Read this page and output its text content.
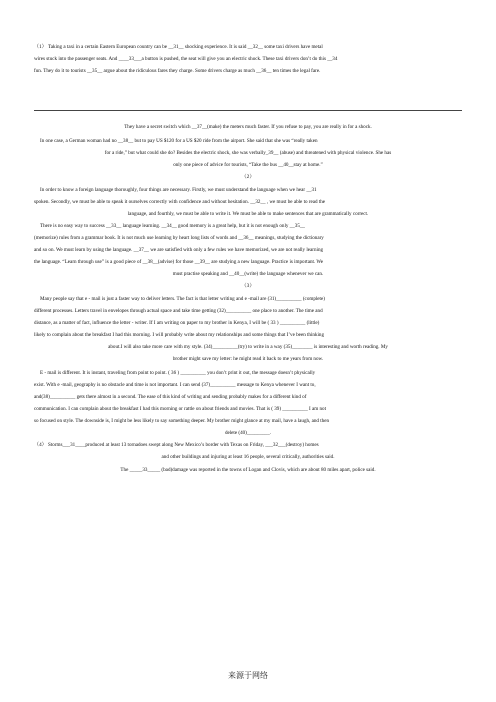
（1） Taking a taxi in a certain Eastern European country can be __31__ shocking experience. It is said __32__ some taxi drivers have metal
wires stuck into the passenger seats. And ____33___a button is pushed, the seat will give you an electric shock. These taxi drivers don’t do this __34
fun. They do it to tourists __35__ argue about the ridiculous fares they charge. Some drivers charge as much __36__ ten times the legal fare.
They have a secret switch which __37__(make) the meters much faster. If you refuse to pay, you are really in for a shock.
In one case, a German woman had no __38__ but to pay US $120 for a US $20 ride from the airport. She said that she was “really taken
for a ride,” but what could she do? Besides the electric shock, she was verbally_39__ (abuse) and threatened with physical violence. She has
only one piece of advice for tourists, “Take the bus __40__stay at home.”
（2）
In order to know a foreign language thoroughly, four things are necessary. Firstly, we must understand the language when we hear __31
spoken. Secondly, we must be able to speak it ourselves correctly with confidence and without hesitation. __32__ , we must be able to read the
language, and fourthly, we must be able to write it. We must be able to make sentences that are grammatically correct.
There is no easy way to success __33__ language learning. __34__ good memory is a great help, but it is not enough only __35__
(memorize) rules from a grammar book. It is not much use learning by heart long lists of words and __36__ meanings, studying the dictionary
and so on. We must learn by using the language. __37__ we are satisfied with only a few rules we have memorized, we are not really learning
the language. “Learn through use” is a good piece of __38__(advise) for those __39__ are studying a new language. Practice is important. We
must practise speaking and __40__(write) the language whenever we can.
（3）
Many people say that e - mail is just a faster way to deliver letters. The fact is that letter writing and e -mail are (31)__________ (complete)
different processes. Letters travel in envelopes through actual space and take time getting (32)__________ one place to another. The time and
distance, as a matter of fact, influence the letter - writer. If I am writing on paper to my brother in Kenya, I will be ( 33 ) __________ (little)
likely to complain about the breakfast I had this morning. I will probably write about my relationships and some things that I’ve been thinking
about.I will also take more care with my style. (34)__________(try) to write in a way (35)________ is interesting and worth reading. My
brother might save my letter: he might read it back to me years from now.
E - mail is different. It is instant, traveling from point to point. ( 36 ) __________ you don’t print it out, the message doesn’t physically
exist. With e -mail, geography is no obstacle and time is not important. I can send (37)__________ message to Kenya whenever I want to,
and(38)__________ gets there almost in a second. The ease of this kind of writing and sending probably makes for a different kind of
communication. I can complain about the breakfast I had this morning or rattle on about friends and movies. That is ( 39) __________ I am not
so focused on style. The downside is, I might be less likely to say something deeper. My brother might glance at my mail, have a laugh, and then
delete (40)_________.
（4） Storms___31____produced at least 13 tornadoes swept along New Mexico’s border with Texas on Friday, ___32___(destroy) homes
and other buildings and injuring at least 16 people, several critically, authorities said.
The _____33_____ (bad)damage was reported in the towns of Logan and Clovis, which are about 80 miles apart, police said.
来源于网络
